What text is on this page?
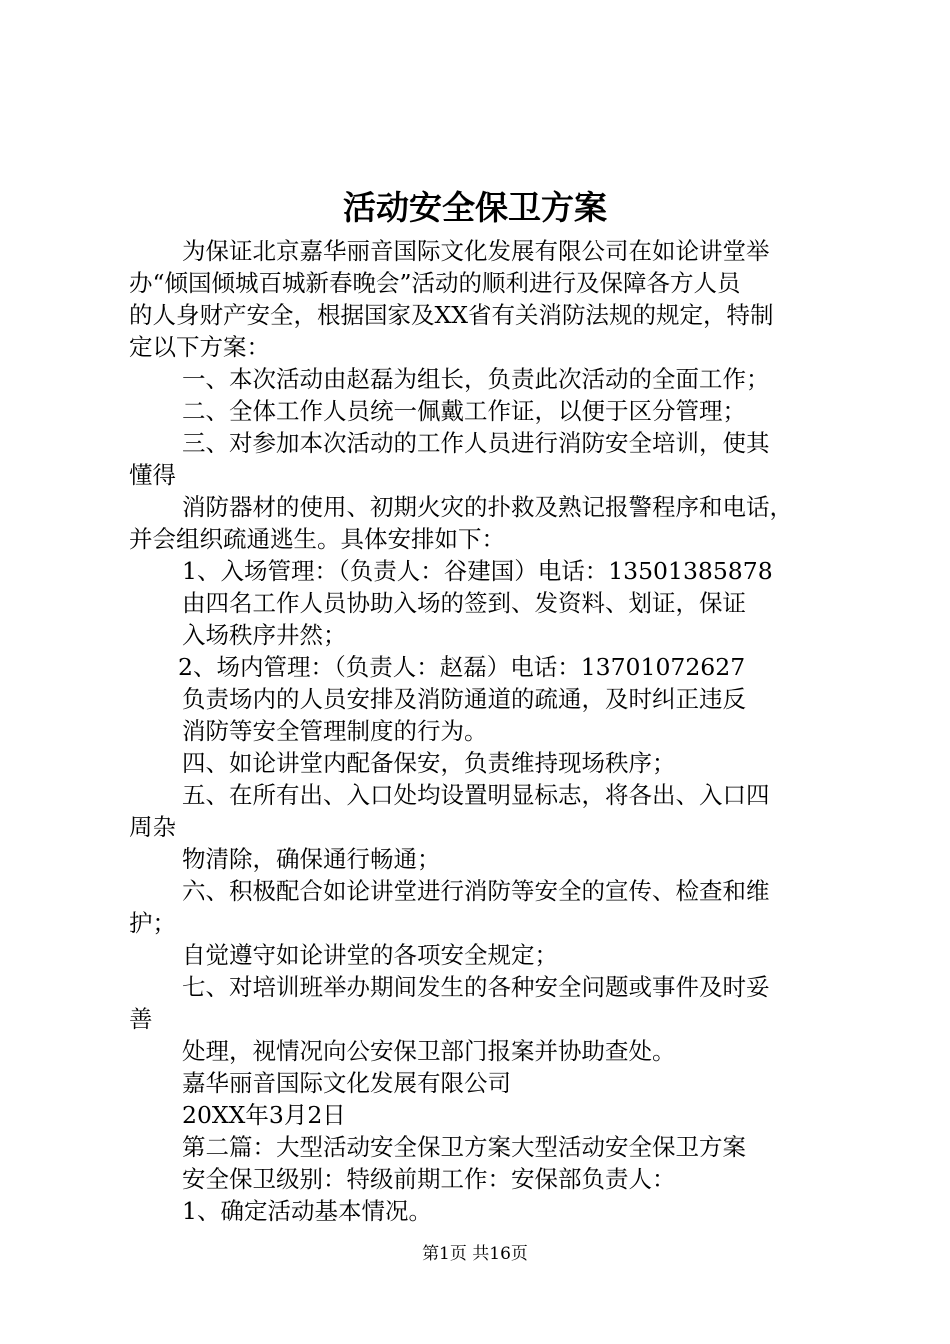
活动安全保卫方案
为保证北京嘉华丽音国际文化发展有限公司在如论讲堂举
办“倾国倾城百城新春晚会”活动的顺利进行及保障各方人员
的人身财产安全，根据国家及XX省有关消防法规的规定，特制
定以下方案：
一、本次活动由赵磊为组长，负责此次活动的全面工作；
二、全体工作人员统一佩戴工作证，以便于区分管理；
三、对参加本次活动的工作人员进行消防安全培训，使其
懂得
消防器材的使用、初期火灾的扑救及熟记报警程序和电话，
并会组织疏通逃生。具体安排如下：
1、入场管理：（负责人：谷建国）电话：13501385878
由四名工作人员协助入场的签到、发资料、划证，保证
入场秩序井然；
2、场内管理：（负责人：赵磊）电话：13701072627
负责场内的人员安排及消防通道的疏通，及时纠正违反
消防等安全管理制度的行为。
四、如论讲堂内配备保安，负责维持现场秩序；
五、在所有出、入口处均设置明显标志，将各出、入口四
周杂
物清除，确保通行畅通；
六、积极配合如论讲堂进行消防等安全的宣传、检查和维
护；
自觉遵守如论讲堂的各项安全规定；
七、对培训班举办期间发生的各种安全问题或事件及时妥
善
处理，视情况向公安保卫部门报案并协助查处。
嘉华丽音国际文化发展有限公司
20XX年3月2日
第二篇：大型活动安全保卫方案大型活动安全保卫方案
安全保卫级别：特级前期工作：安保部负责人：
1、确定活动基本情况。
第1页 共16页
